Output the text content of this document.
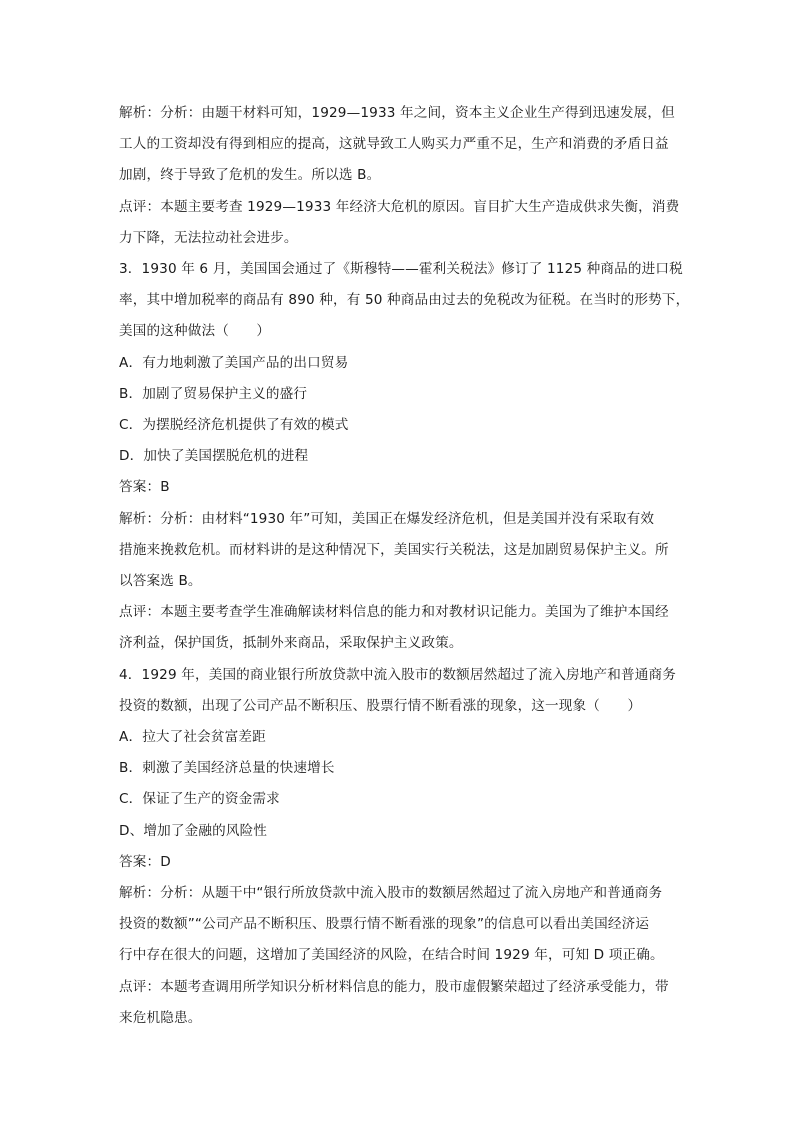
解析：分析：由题干材料可知，1929—1933 年之间，资本主义企业生产得到迅速发展，但
工人的工资却没有得到相应的提高，这就导致工人购买力严重不足，生产和消费的矛盾日益
加剧，终于导致了危机的发生。所以选 B。

点评：本题主要考查 1929—1933 年经济大危机的原因。盲目扩大生产造成供求失衡，消费
力下降，无法拉动社会进步。

3．1930 年 6 月，美国国会通过了《斯穆特——霍利关税法》修订了 1125 种商品的进口税
率，其中增加税率的商品有 890 种，有 50 种商品由过去的免税改为征税。在当时的形势下，
美国的这种做法（　　）

A．有力地刺激了美国产品的出口贸易

B．加剧了贸易保护主义的盛行

C．为摆脱经济危机提供了有效的模式

D．加快了美国摆脱危机的进程

答案：B

解析：分析：由材料“1930 年”可知，美国正在爆发经济危机，但是美国并没有采取有效
措施来挽救危机。而材料讲的是这种情况下，美国实行关税法，这是加剧贸易保护主义。所
以答案选 B。

点评：本题主要考查学生准确解读材料信息的能力和对教材识记能力。美国为了维护本国经
济利益，保护国货，抵制外来商品，采取保护主义政策。

4．1929 年，美国的商业银行所放贷款中流入股市的数额居然超过了流入房地产和普通商务
投资的数额，出现了公司产品不断积压、股票行情不断看涨的现象，这一现象（　　）

A．拉大了社会贫富差距

B．刺激了美国经济总量的快速增长

C．保证了生产的资金需求

D、增加了金融的风险性

答案：D

解析：分析：从题干中“银行所放贷款中流入股市的数额居然超过了流入房地产和普通商务
投资的数额”“公司产品不断积压、股票行情不断看涨的现象”的信息可以看出美国经济运
行中存在很大的问题，这增加了美国经济的风险，在结合时间 1929 年，可知 D 项正确。

点评：本题考查调用所学知识分析材料信息的能力，股市虚假繁荣超过了经济承受能力，带
来危机隐患。
